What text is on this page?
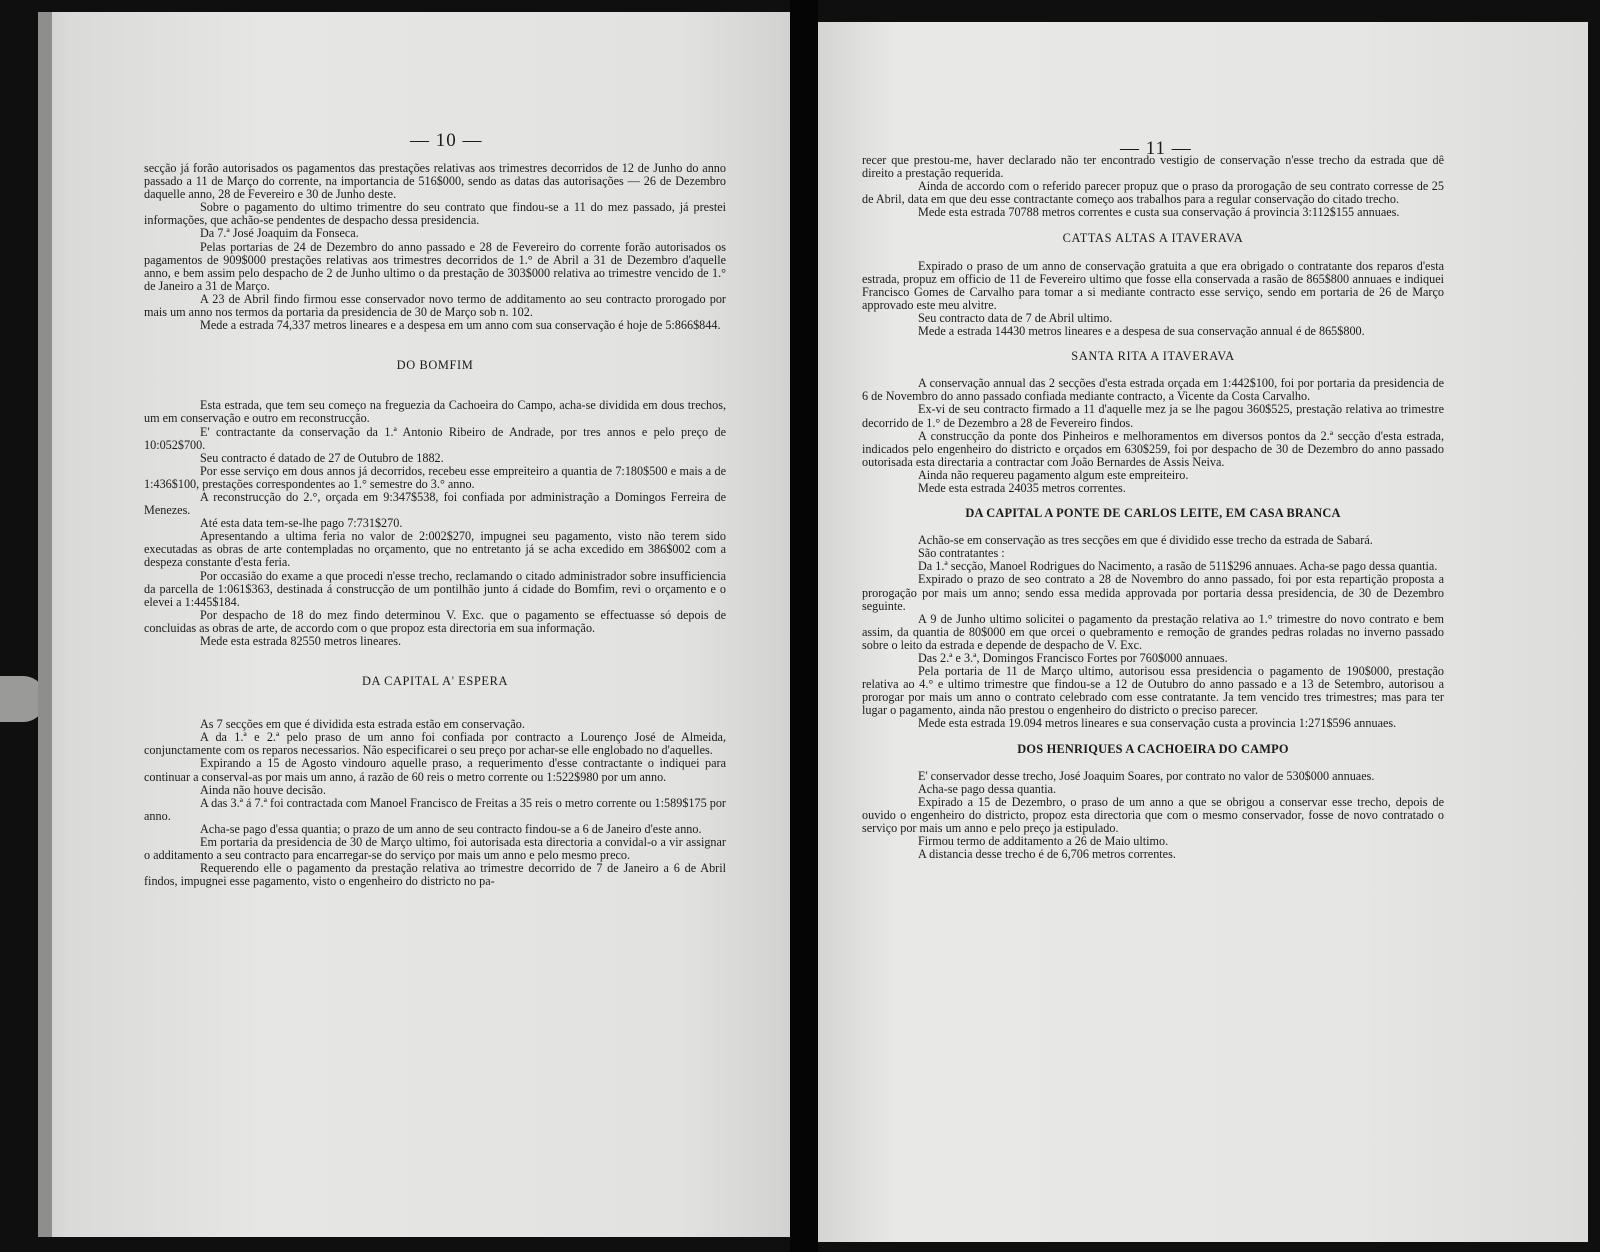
— 10 —

secção já forão autorisados os pagamentos das prestações relativas aos trimestres decorridos de 12 de Junho do anno passado a 11 de Março do corrente, na importancia de 516$000, sendo as datas das autorisações — 26 de Dezembro daquelle anno, 28 de Fevereiro e 30 de Junho deste.

Sobre o pagamento do ultimo trimentre do seu contrato que findou-se a 11 do mez passado, já prestei informações, que achão-se pendentes de despacho dessa presidencia.

Da 7.ª José Joaquim da Fonseca.

Pelas portarias de 24 de Dezembro do anno passado e 28 de Fevereiro do corrente forão autorisados os pagamentos de 909$000 prestações relativas aos trimestres decorridos de 1.° de Abril a 31 de Dezembro d'aquelle anno, e bem assim pelo despacho de 2 de Junho ultimo o da prestação de 303$000 relativa ao trimestre vencido de 1.° de Janeiro a 31 de Março.

A 23 de Abril findo firmou esse conservador novo termo de additamento ao seu contracto prorogado por mais um anno nos termos da portaria da presidencia de 30 de Março sob n. 102.

Mede a estrada 74,337 metros lineares e a despesa em um anno com sua conservação é hoje de 5:866$844.

DO BOMFIM

Esta estrada, que tem seu começo na freguezia da Cachoeira do Campo, acha-se dividida em dous trechos, um em conservação e outro em reconstrucção.

E' contractante da conservação da 1.ª Antonio Ribeiro de Andrade, por tres annos e pelo preço de 10:052$700.

Seu contracto é datado de 27 de Outubro de 1882.

Por esse serviço em dous annos já decorridos, recebeu esse empreiteiro a quantia de 7:180$500 e mais a de 1:436$100, prestações correspondentes ao 1.° semestre do 3.° anno.

A reconstrucção do 2.°, orçada em 9:347$538, foi confiada por administração a Domingos Ferreira de Menezes.

Até esta data tem-se-lhe pago 7:731$270.

Apresentando a ultima feria no valor de 2:002$270, impugnei seu pagamento, visto não terem sido executadas as obras de arte contempladas no orçamento, que no entretanto já se acha excedido em 386$002 com a despeza constante d'esta feria.

Por occasião do exame a que procedi n'esse trecho, reclamando o citado administrador sobre insufficiencia da parcella de 1:061$363, destinada á construcção de um pontilhão junto á cidade do Bomfim, revi o orçamento e o elevei a 1:445$184.

Por despacho de 18 do mez findo determinou V. Exc. que o pagamento se effectuasse só depois de concluidas as obras de arte, de accordo com o que propoz esta directoria em sua informação.

Mede esta estrada 82550 metros lineares.

DA CAPITAL A' ESPERA

As 7 secções em que é dividida esta estrada estão em conservação.

A da 1.ª e 2.ª pelo praso de um anno foi confiada por contracto a Lourenço José de Almeida, conjunctamente com os reparos necessarios. Não especificarei o seu preço por achar-se elle englobado no d'aquelles.

Expirando a 15 de Agosto vindouro aquelle praso, a requerimento d'esse contractante o indiquei para continuar a conserval-as por mais um anno, á razão de 60 reis o metro corrente ou 1:522$980 por um anno.

Ainda não houve decisão.

A das 3.ª á 7.ª foi contractada com Manoel Francisco de Freitas a 35 reis o metro corrente ou 1:589$175 por anno.

Acha-se pago d'essa quantia; o prazo de um anno de seu contracto findou-se a 6 de Janeiro d'este anno.

Em portaria da presidencia de 30 de Março ultimo, foi autorisada esta directoria a convidal-o a vir assignar o additamento a seu contracto para encarregar-se do serviço por mais um anno e pelo mesmo preco.

Requerendo elle o pagamento da prestação relativa ao trimestre decorrido de 7 de Janeiro a 6 de Abril findos, impugnei esse pagamento, visto o engenheiro do districto no pa-

— 11 —

recer que prestou-me, haver declarado não ter encontrado vestigio de conservação n'esse trecho da estrada que dê direito a prestação requerida.

Ainda de accordo com o referido parecer propuz que o praso da prorogação de seu contrato corresse de 25 de Abril, data em que deu esse contractante começo aos trabalhos para a regular conservação do citado trecho.

Mede esta estrada 70788 metros correntes e custa sua conservação á provincia 3:112$155 annuaes.

CATTAS ALTAS A ITAVERAVA

Expirado o praso de um anno de conservação gratuita a que era obrigado o contratante dos reparos d'esta estrada, propuz em officio de 11 de Fevereiro ultimo que fosse ella conservada a rasão de 865$800 annuaes e indiquei Francisco Gomes de Carvalho para tomar a si mediante contracto esse serviço, sendo em portaria de 26 de Março approvado este meu alvitre.

Seu contracto data de 7 de Abril ultimo.

Mede a estrada 14430 metros lineares e a despesa de sua conservação annual é de 865$800.

SANTA RITA A ITAVERAVA

A conservação annual das 2 secções d'esta estrada orçada em 1:442$100, foi por portaria da presidencia de 6 de Novembro do anno passado confiada mediante contracto, a Vicente da Costa Carvalho.

Ex-vi de seu contracto firmado a 11 d'aquelle mez ja se lhe pagou 360$525, prestação relativa ao trimestre decorrido de 1.° de Dezembro a 28 de Fevereiro findos.

A construcção da ponte dos Pinheiros e melhoramentos em diversos pontos da 2.ª secção d'esta estrada, indicados pelo engenheiro do districto e orçados em 630$259, foi por despacho de 30 de Dezembro do anno passado outorisada esta directaria a contractar com João Bernardes de Assis Neiva.

Ainda não requereu pagamento algum este empreiteiro.

Mede esta estrada 24035 metros correntes.

DA CAPITAL A PONTE DE CARLOS LEITE, EM CASA BRANCA

Achão-se em conservação as tres secções em que é dividido esse trecho da estrada de Sabará.

São contratantes :

Da 1.ª secção, Manoel Rodrigues do Nacimento, a rasão de 511$296 annuaes. Acha-se pago dessa quantia.

Expirado o prazo de seo contrato a 28 de Novembro do anno passado, foi por esta repartição proposta a prorogação por mais um anno; sendo essa medida approvada por portaria dessa presidencia, de 30 de Dezembro seguinte.

A 9 de Junho ultimo solicitei o pagamento da prestação relativa ao 1.° trimestre do novo contrato e bem assim, da quantia de 80$000 em que orcei o quebramento e remoção de grandes pedras roladas no inverno passado sobre o leito da estrada e depende de despacho de V. Exc.

Das 2.ª e 3.ª, Domingos Francisco Fortes por 760$000 annuaes.

Pela portaria de 11 de Março ultimo, autorisou essa presidencia o pagamento de 190$000, prestação relativa ao 4.° e ultimo trimestre que findou-se a 12 de Outubro do anno passado e a 13 de Setembro, autorisou a prorogar por mais um anno o contrato celebrado com esse contratante. Ja tem vencido tres trimestres; mas para ter lugar o pagamento, ainda não prestou o engenheiro do districto o preciso parecer.

Mede esta estrada 19.094 metros lineares e sua conservação custa a provincia 1:271$596 annuaes.

DOS HENRIQUES A CACHOEIRA DO CAMPO

E' conservador desse trecho, José Joaquim Soares, por contrato no valor de 530$000 annuaes.

Acha-se pago dessa quantia.

Expirado a 15 de Dezembro, o praso de um anno a que se obrigou a conservar esse trecho, depois de ouvido o engenheiro do districto, propoz esta directoria que com o mesmo conservador, fosse de novo contratado o serviço por mais um anno e pelo preço ja estipulado.

Firmou termo de additamento a 26 de Maio ultimo.

A distancia desse trecho é de 6,706 metros correntes.
